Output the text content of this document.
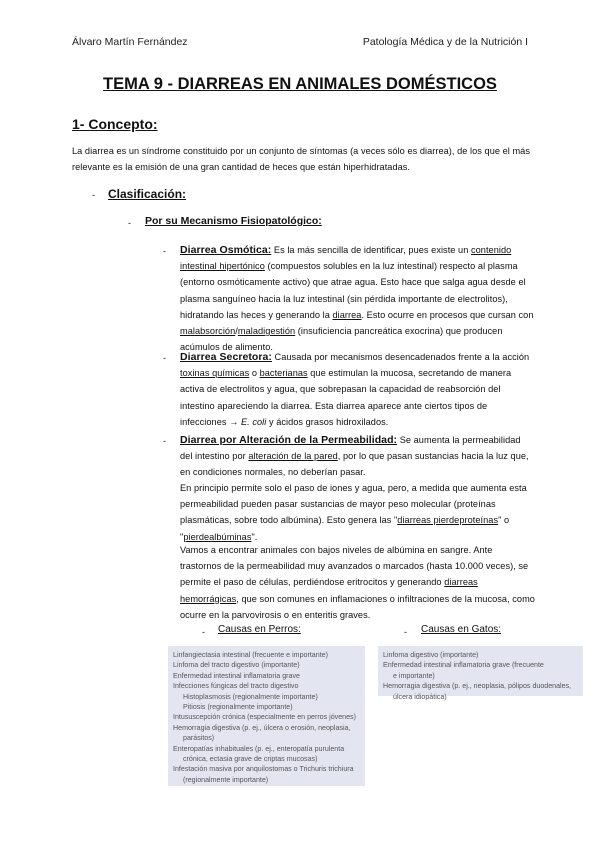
Álvaro Martín Fernández	Patología Médica y de la Nutrición I
TEMA 9 - DIARREAS EN ANIMALES DOMÉSTICOS
1- Concepto:
La diarrea es un síndrome constituido por un conjunto de síntomas (a veces sólo es diarrea), de los que el más relevante es la emisión de una gran cantidad de heces que están hiperhidratadas.
- Clasificación:
- Por su Mecanismo Fisiopatológico:
- Diarrea Osmótica: Es la más sencilla de identificar, pues existe un contenido intestinal hipertónico (compuestos solubles en la luz intestinal) respecto al plasma (entorno osmóticamente activo) que atrae agua. Esto hace que salga agua desde el plasma sanguíneo hacia la luz intestinal (sin pérdida importante de electrolitos), hidratando las heces y generando la diarrea. Esto ocurre en procesos que cursan con malabsorción/maladigestión (insuficiencia pancreática exocrina) que producen acúmulos de alimento.
- Diarrea Secretora: Causada por mecanismos desencadenados frente a la acción toxinas químicas o bacterianas que estimulan la mucosa, secretando de manera activa de electrolitos y agua, que sobrepasan la capacidad de reabsorción del intestino apareciendo la diarrea. Esta diarrea aparece ante ciertos tipos de infecciones → E. coli y ácidos grasos hidroxilados.
- Diarrea por Alteración de la Permeabilidad: Se aumenta la permeabilidad del intestino por alteración de la pared, por lo que pasan sustancias hacia la luz que, en condiciones normales, no deberían pasar.
En principio permite solo el paso de iones y agua, pero, a medida que aumenta esta permeabilidad pueden pasar sustancias de mayor peso molecular (proteínas plasmáticas, sobre todo albúmina). Esto genera las "diarreas pierdeproteínas" o "pierdealbúminas".
Vamos a encontrar animales con bajos niveles de albúmina en sangre. Ante trastornos de la permeabilidad muy avanzados o marcados (hasta 10.000 veces), se permite el paso de células, perdiéndose eritrocitos y generando diarreas hemorrágicas, que son comunes en inflamaciones o infiltraciones de la mucosa, como ocurre en la parvovirosis o en enteritis graves.
- Causas en Perros:
Linfangiectasia intestinal (frecuente e importante)
Linfoma del tracto digestivo (importante)
Enfermedad intestinal inflamatoria grave
Infecciones fúngicas del tracto digestivo
Histoplasmosis (regionalmente importante)
Pitiosis (regionalmente importante)
Intususcepción crónica (especialmente en perros jóvenes)
Hemorragia digestiva (p. ej., úlcera o erosión, neoplasia,
parásitos)
Enteropatías inhabituales (p. ej., enteropatía purulenta
crónica, ectasia grave de criptas mucosas)
Infestación masiva por anquilostomas o Trichuris trichiura
(regionalmente importante)
- Causas en Gatos:
Linfoma digestivo (importante)
Enfermedad intestinal inflamatoria grave (frecuente
e importante)
Hemorragia digestiva (p. ej., neoplasia, pólipos duodenales,
úlcera idiopática)
